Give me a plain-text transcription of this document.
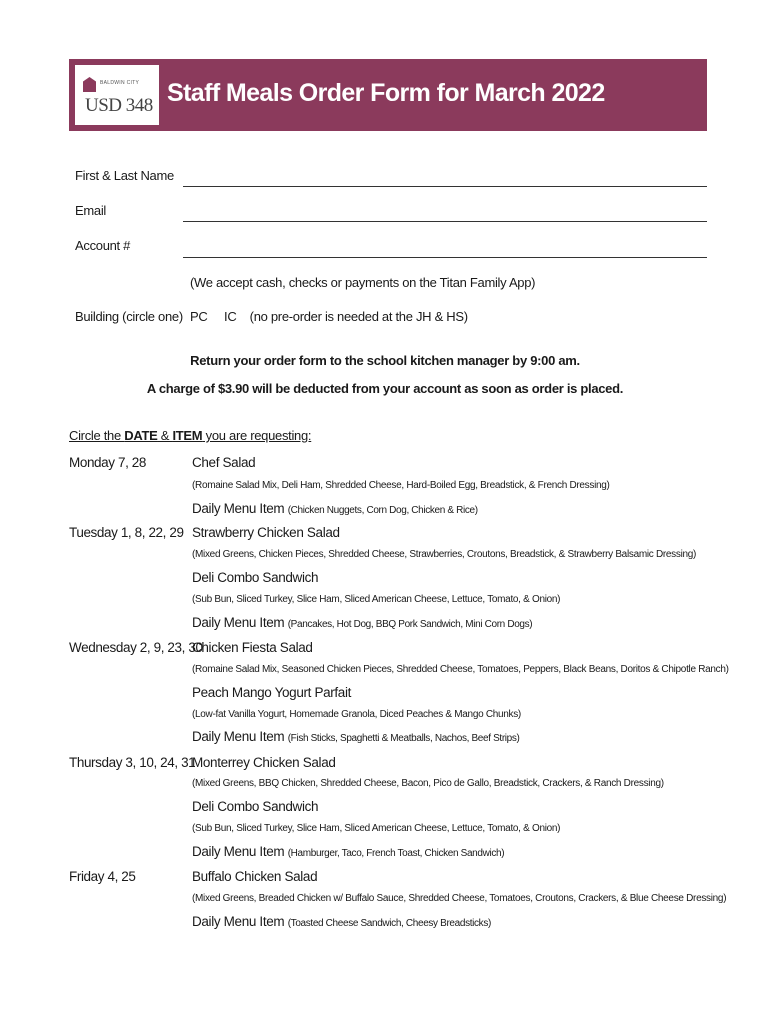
BALDWIN CITY
USD 348 Staff Meals Order Form for March 2022
First & Last Name
Email
Account #
(We accept cash, checks or payments on the Titan Family App)
Building (circle one) PC     IC    (no pre-order is needed at the JH & HS)
Return your order form to the school kitchen manager by 9:00 am.
A charge of $3.90 will be deducted from your account as soon as order is placed.
Circle the DATE & ITEM you are requesting:
Monday 7, 28	Chef Salad
(Romaine Salad Mix, Deli Ham, Shredded Cheese, Hard-Boiled Egg, Breadstick, & French Dressing)
Daily Menu Item (Chicken Nuggets, Corn Dog, Chicken & Rice)
Tuesday 1, 8, 22, 29 Strawberry Chicken Salad
(Mixed Greens, Chicken Pieces, Shredded Cheese, Strawberries, Croutons, Breadstick, & Strawberry Balsamic Dressing)
Deli Combo Sandwich
(Sub Bun, Sliced Turkey, Slice Ham, Sliced American Cheese, Lettuce, Tomato, & Onion)
Daily Menu Item (Pancakes, Hot Dog, BBQ Pork Sandwich, Mini Corn Dogs)
Wednesday 2, 9, 23, 30
Chicken Fiesta Salad
(Romaine Salad Mix, Seasoned Chicken Pieces, Shredded Cheese, Tomatoes, Peppers, Black Beans, Doritos & Chipotle Ranch)
Peach Mango Yogurt Parfait
(Low-fat Vanilla Yogurt, Homemade Granola, Diced Peaches & Mango Chunks)
Daily Menu Item (Fish Sticks, Spaghetti & Meatballs, Nachos, Beef Strips)
Thursday 3, 10, 24, 31
Monterrey Chicken Salad
(Mixed Greens, BBQ Chicken, Shredded Cheese, Bacon, Pico de Gallo, Breadstick, Crackers, & Ranch Dressing)
Deli Combo Sandwich
(Sub Bun, Sliced Turkey, Slice Ham, Sliced American Cheese, Lettuce, Tomato, & Onion)
Daily Menu Item (Hamburger, Taco, French Toast, Chicken Sandwich)
Friday 4, 25	Buffalo Chicken Salad
(Mixed Greens, Breaded Chicken w/ Buffalo Sauce, Shredded Cheese, Tomatoes, Croutons, Crackers, & Blue Cheese Dressing)
Daily Menu Item (Toasted Cheese Sandwich, Cheesy Breadsticks)
